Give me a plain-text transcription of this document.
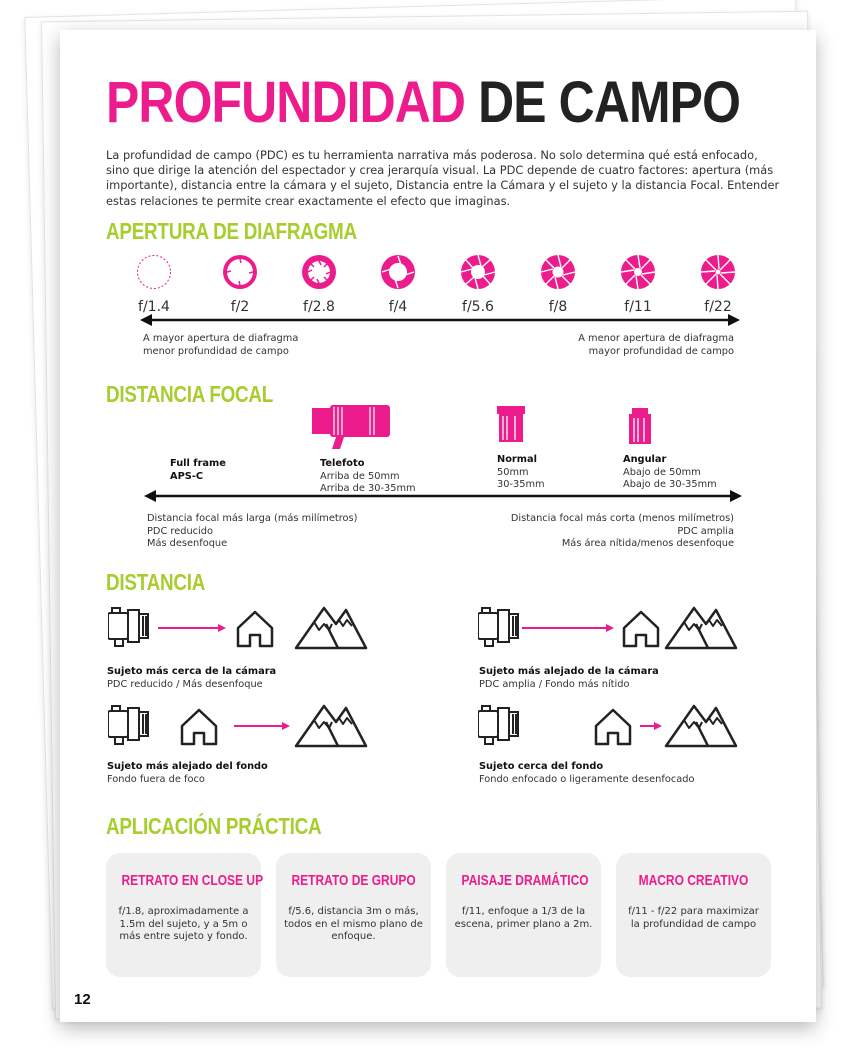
PROFUNDIDAD DE CAMPO
La profundidad de campo (PDC) es tu herramienta narrativa más poderosa. No solo determina qué está enfocado, sino que dirige la atención del espectador y crea jerarquía visual. La PDC depende de cuatro factores: apertura (más importante), distancia entre la cámara y el sujeto, Distancia entre la Cámara y el sujeto y la distancia Focal. Entender estas relaciones te permite crear exactamente el efecto que imaginas.
APERTURA DE DIAFRAGMA
f/1.4	f/2	f/2.8	f/4	f/5.6	f/8	f/11	f/22
A mayor apertura de diafragma
menor profundidad de campo
A menor apertura de diafragma
mayor profundidad de campo
DISTANCIA FOCAL
Full frame
APS-C
Telefoto
Arriba de 50mm
Arriba de 30-35mm
Normal
50mm
30-35mm
Angular
Abajo de 50mm
Abajo de 30-35mm
Distancia focal más larga (más milímetros)
PDC reducido
Más desenfoque
Distancia focal más corta (menos milímetros)
PDC amplia
Más área nítida/menos desenfoque
DISTANCIA
Sujeto más cerca de la cámara
PDC reducido / Más desenfoque
Sujeto más alejado de la cámara
PDC amplia / Fondo más nítido
Sujeto más alejado del fondo
Fondo fuera de foco
Sujeto cerca del fondo
Fondo enfocado o ligeramente desenfocado
APLICACIÓN PRÁCTICA
RETRATO EN CLOSE UP
f/1.8, aproximadamente a 1.5m del sujeto, y a 5m o más entre sujeto y fondo.
RETRATO DE GRUPO
f/5.6, distancia 3m o más, todos en el mismo plano de enfoque.
PAISAJE DRAMÁTICO
f/11, enfoque a 1/3 de la escena, primer plano a 2m.
MACRO CREATIVO
f/11 - f/22 para maximizar la profundidad de campo
12
